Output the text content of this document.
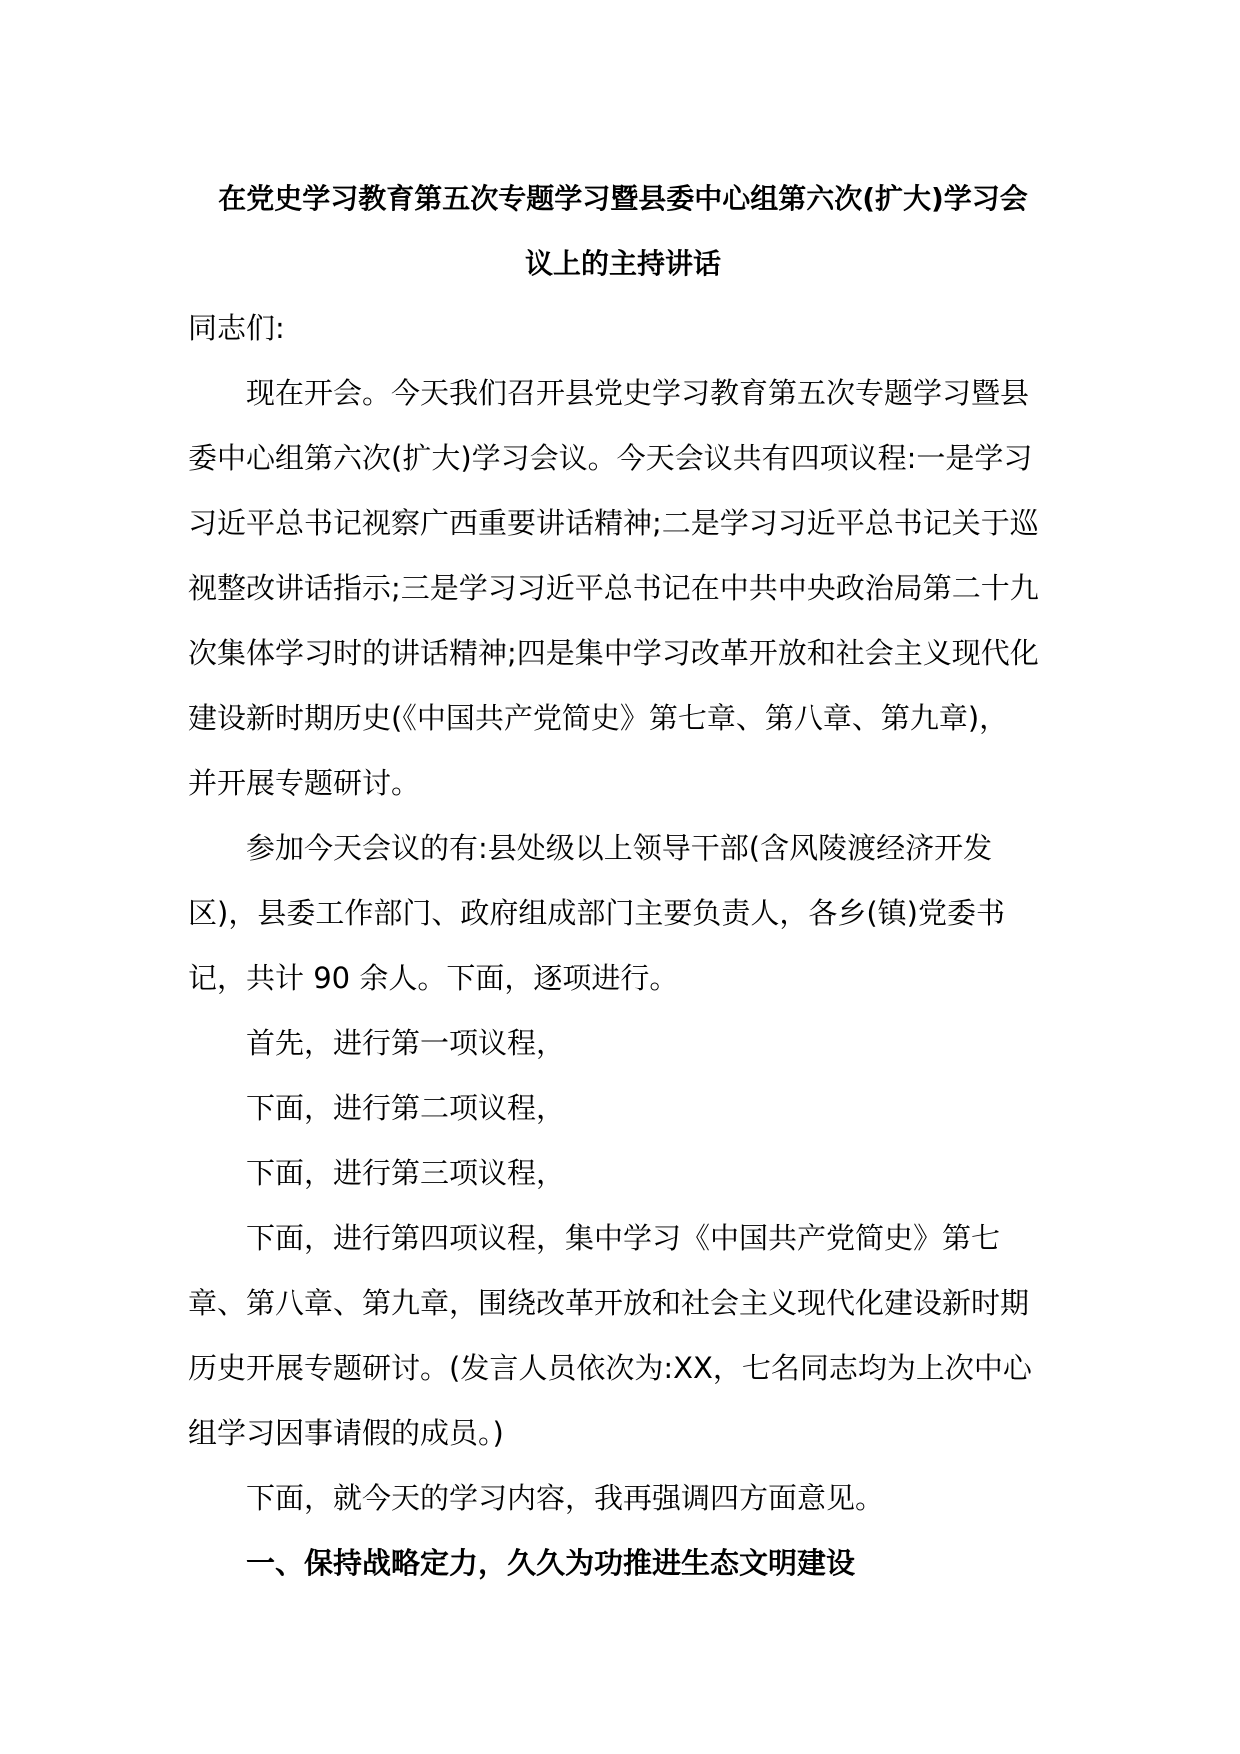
在党史学习教育第五次专题学习暨县委中心组第六次(扩大)学习会
议上的主持讲话

同志们:

现在开会。今天我们召开县党史学习教育第五次专题学习暨县
委中心组第六次(扩大)学习会议。今天会议共有四项议程:一是学习
习近平总书记视察广西重要讲话精神;二是学习习近平总书记关于巡
视整改讲话指示;三是学习习近平总书记在中共中央政治局第二十九
次集体学习时的讲话精神;四是集中学习改革开放和社会主义现代化
建设新时期历史(《中国共产党简史》第七章、第八章、第九章)，
并开展专题研讨。

参加今天会议的有:县处级以上领导干部(含风陵渡经济开发
区)，县委工作部门、政府组成部门主要负责人，各乡(镇)党委书
记，共计 90 余人。下面，逐项进行。

首先，进行第一项议程，

下面，进行第二项议程，

下面，进行第三项议程，

下面，进行第四项议程，集中学习《中国共产党简史》第七
章、第八章、第九章，围绕改革开放和社会主义现代化建设新时期
历史开展专题研讨。(发言人员依次为:XX，七名同志均为上次中心
组学习因事请假的成员。)

下面，就今天的学习内容，我再强调四方面意见。

一、保持战略定力，久久为功推进生态文明建设
